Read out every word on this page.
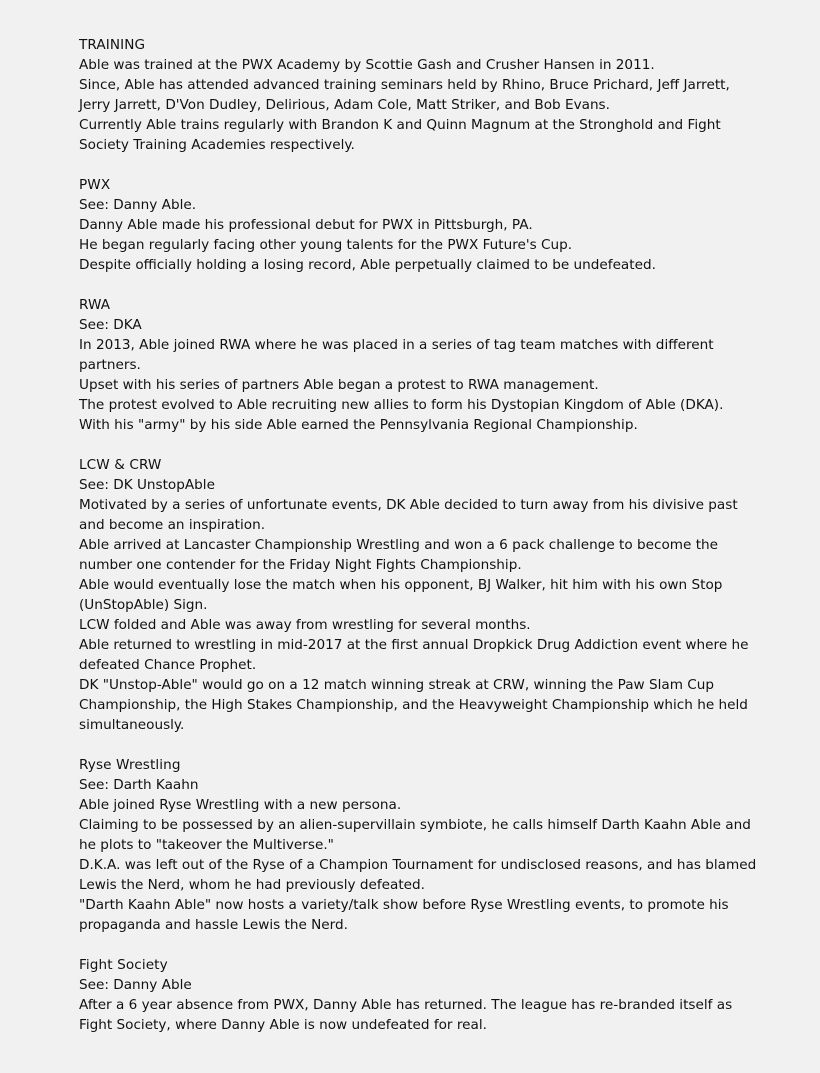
TRAINING
Able was trained at the PWX Academy by Scottie Gash and Crusher Hansen in 2011.
Since, Able has attended advanced training seminars held by Rhino, Bruce Prichard, Jeff Jarrett, Jerry Jarrett, D'Von Dudley, Delirious, Adam Cole, Matt Striker, and Bob Evans.
Currently Able trains regularly with Brandon K and Quinn Magnum at the Stronghold and Fight Society Training Academies respectively.
PWX
See: Danny Able.
Danny Able made his professional debut for PWX in Pittsburgh, PA.
He began regularly facing other young talents for the PWX Future's Cup.
Despite officially holding a losing record, Able perpetually claimed to be undefeated.
RWA
See: DKA
In 2013, Able joined RWA where he was placed in a series of tag team matches with different partners.
Upset with his series of partners Able began a protest to RWA management.
The protest evolved to Able recruiting new allies to form his Dystopian Kingdom of Able (DKA).
With his "army" by his side Able earned the Pennsylvania Regional Championship.
LCW & CRW
See: DK UnstopAble
Motivated by a series of unfortunate events, DK Able decided to turn away from his divisive past and become an inspiration.
Able arrived at Lancaster Championship Wrestling and won a 6 pack challenge to become the number one contender for the Friday Night Fights Championship.
Able would eventually lose the match when his opponent, BJ Walker, hit him with his own Stop (UnStopAble) Sign.
LCW folded and Able was away from wrestling for several months.
Able returned to wrestling in mid-2017 at the first annual Dropkick Drug Addiction event where he defeated Chance Prophet.
DK "Unstop-Able" would go on a 12 match winning streak at CRW, winning the Paw Slam Cup Championship, the High Stakes Championship, and the Heavyweight Championship which he held simultaneously.
Ryse Wrestling
See: Darth Kaahn
Able joined Ryse Wrestling with a new persona.
Claiming to be possessed by an alien-supervillain symbiote, he calls himself Darth Kaahn Able and he plots to "takeover the Multiverse."
D.K.A. was left out of the Ryse of a Champion Tournament for undisclosed reasons, and has blamed Lewis the Nerd, whom he had previously defeated.
"Darth Kaahn Able" now hosts a variety/talk show before Ryse Wrestling events, to promote his propaganda and hassle Lewis the Nerd.
Fight Society
See: Danny Able
After a 6 year absence from PWX, Danny Able has returned. The league has re-branded itself as Fight Society, where Danny Able is now undefeated for real.
